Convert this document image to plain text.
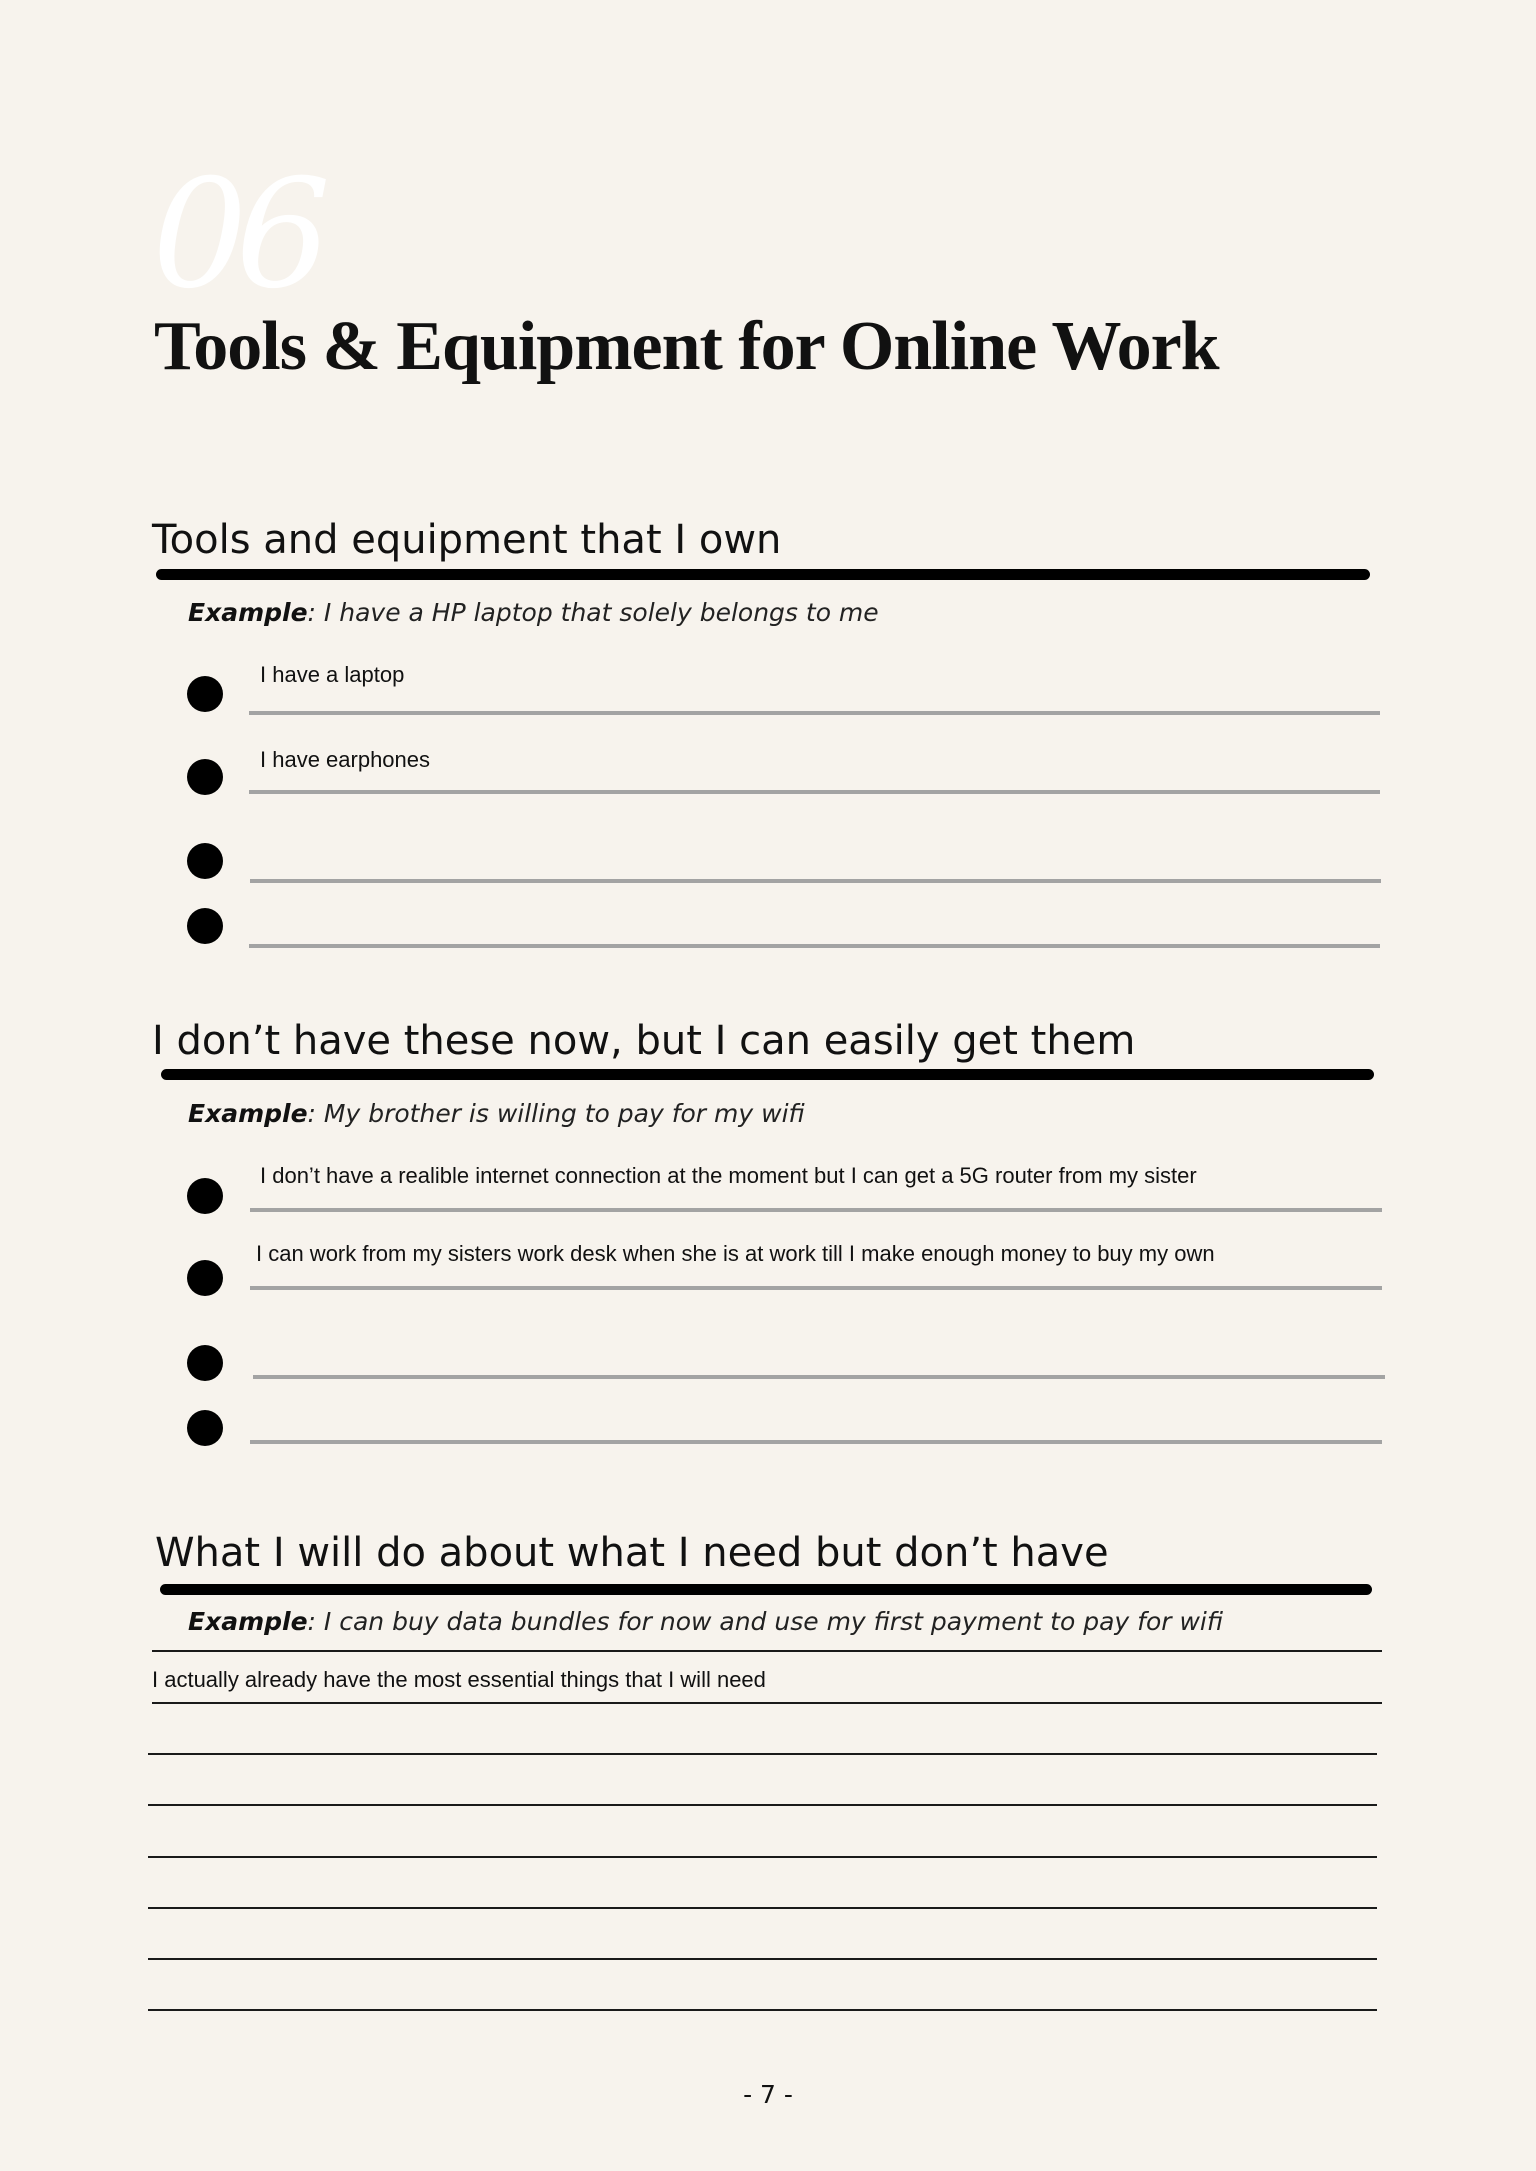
06
Tools & Equipment for Online Work
Tools and equipment that I own
Example: I have a HP laptop that solely belongs to me
I have a laptop
I have earphones
I don’t have these now, but I can easily get them
Example: My brother is willing to pay for my wifi
I don’t have a realible internet connection at the moment but I can get a 5G router from my sister
I can work from my sisters work desk when she is at work till I make enough money to buy my own
What I will do about what I need but don’t have
Example: I can buy data bundles for now and use my first payment to pay for wifi
I actually already have the most essential things that I will need
- 7 -
